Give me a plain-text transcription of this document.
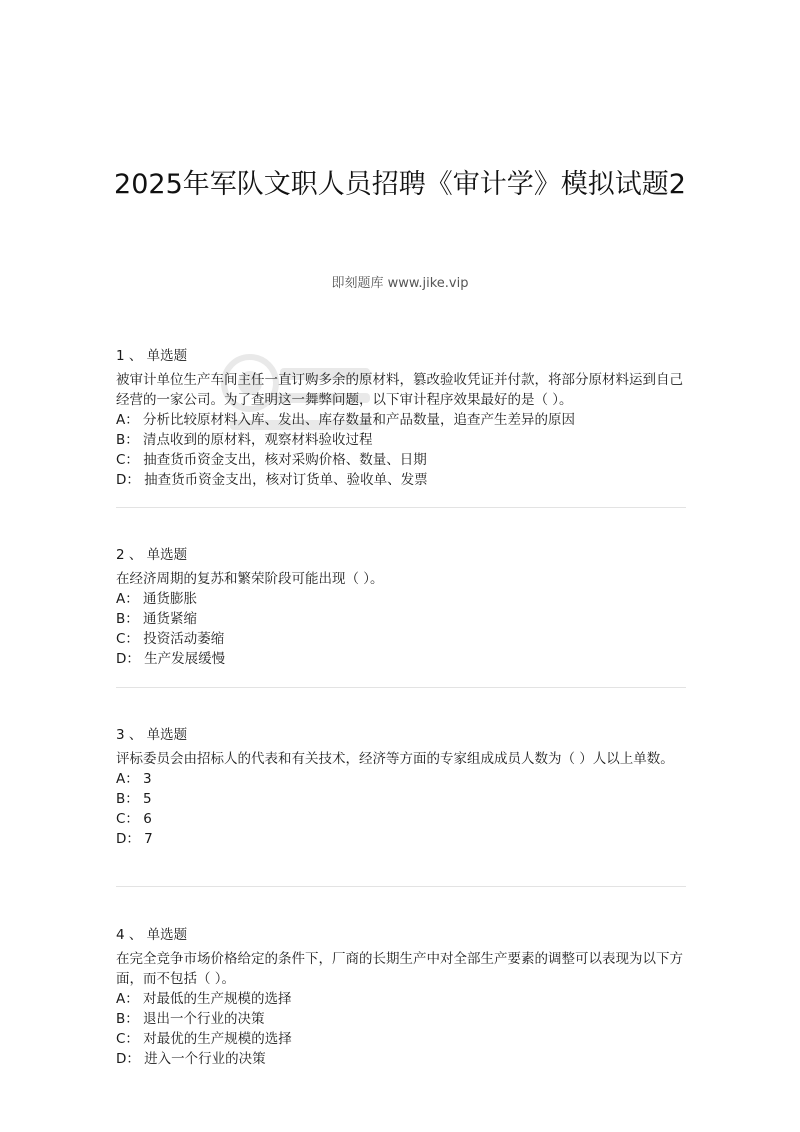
2025年军队文职人员招聘《审计学》模拟试题2
即刻题库 www.jike.vip
1 、 单选题
被审计单位生产车间主任一直订购多余的原材料，篡改验收凭证并付款，将部分原材料运到自己经营的一家公司。为了查明这一舞弊问题，以下审计程序效果最好的是（ ）。
A： 分析比较原材料入库、发出、库存数量和产品数量，追查产生差异的原因
B： 清点收到的原材料，观察材料验收过程
C： 抽查货币资金支出，核对采购价格、数量、日期
D： 抽查货币资金支出，核对订货单、验收单、发票
2 、 单选题
在经济周期的复苏和繁荣阶段可能出现（ ）。
A： 通货膨胀
B： 通货紧缩
C： 投资活动萎缩
D： 生产发展缓慢
3 、 单选题
评标委员会由招标人的代表和有关技术，经济等方面的专家组成成员人数为（ ）人以上单数。
A： 3
B： 5
C： 6
D： 7
4 、 单选题
在完全竞争市场价格给定的条件下，厂商的长期生产中对全部生产要素的调整可以表现为以下方面，而不包括（ ）。
A： 对最低的生产规模的选择
B： 退出一个行业的决策
C： 对最优的生产规模的选择
D： 进入一个行业的决策
